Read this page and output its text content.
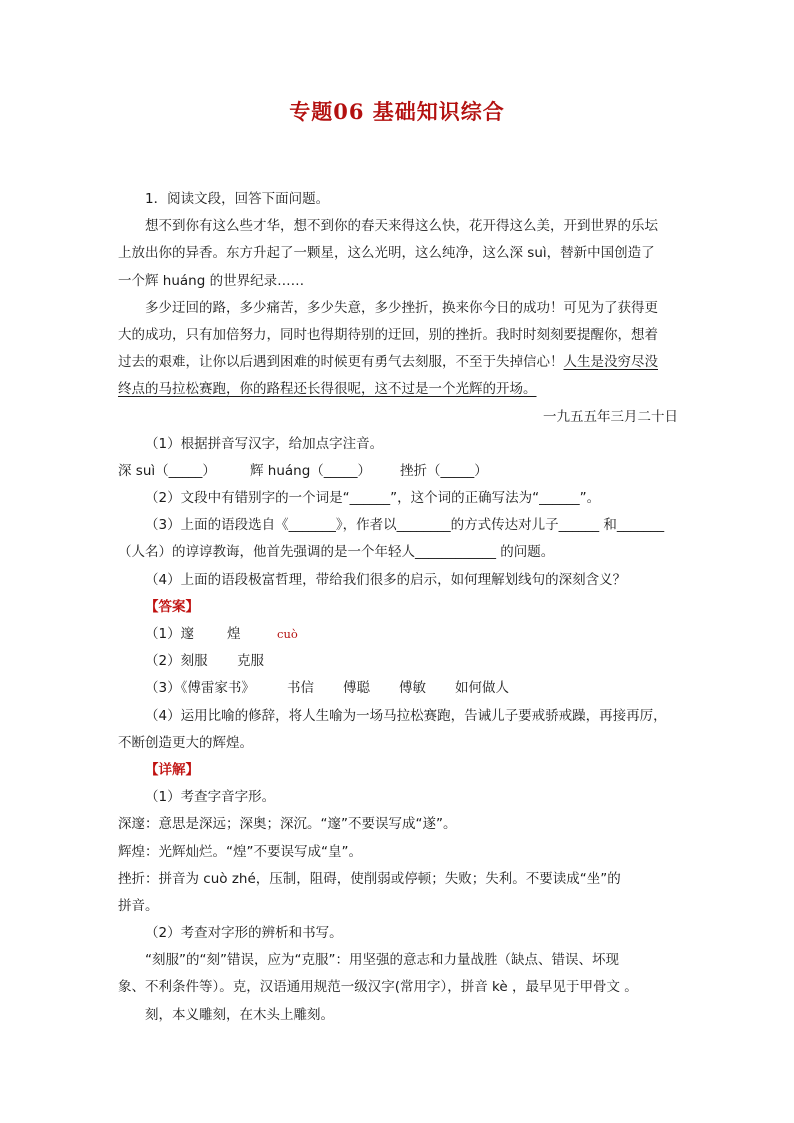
专题06 基础知识综合
1．阅读文段，回答下面问题。
想不到你有这么些才华，想不到你的春天来得这么快，花开得这么美，开到世界的乐坛
上放出你的异香。东方升起了一颗星，这么光明，这么纯净，这么深 suì，替新中国创造了
一个辉 huáng 的世界纪录……
多少迂回的路，多少痛苦，多少失意，多少挫折，换来你今日的成功！可见为了获得更
大的成功，只有加倍努力，同时也得期待别的迂回，别的挫折。我时时刻刻要提醒你，想着
过去的艰难，让你以后遇到困难的时候更有勇气去刻服，不至于失掉信心！人生是没穷尽没
终点的马拉松赛跑，你的路程还长得很呢，这不过是一个光辉的开场。
一九五五年三月二十日
（1）根据拼音写汉字，给加点字注音。
深 suì（_____）	辉 huáng（_____） 挫折（_____）
（2）文段中有错别字的一个词是“______”，这个词的正确写法为“______”。
（3）上面的语段选自《_______》，作者以________的方式传达对儿子______ 和_______
（人名）的谆谆教诲，他首先强调的是一个年轻人____________ 的问题。
（4）上面的语段极富哲理，带给我们很多的启示，如何理解划线句的深刻含义？
【答案】
（1）邃 煌	cuò
（2）刻服 克服
（3）《傅雷家书》 书信 傅聪 傅敏 如何做人
（4）运用比喻的修辞，将人生喻为一场马拉松赛跑，告诫儿子要戒骄戒躁，再接再厉，
不断创造更大的辉煌。
【详解】
（1）考查字音字形。
深邃：意思是深远；深奥；深沉。“邃”不要误写成“遂”。
辉煌：光辉灿烂。“煌”不要误写成“皇”。
挫折：拼音为 cuò zhé，压制，阻碍，使削弱或停顿；失败；失利。不要读成“坐”的
拼音。
（2）考查对字形的辨析和书写。
“刻服”的“刻”错误，应为“克服”：用坚强的意志和力量战胜（缺点、错误、坏现
象、不利条件等）。克，汉语通用规范一级汉字(常用字），拼音 kè ，最早见于甲骨文 。
刻，本义雕刻，在木头上雕刻。
